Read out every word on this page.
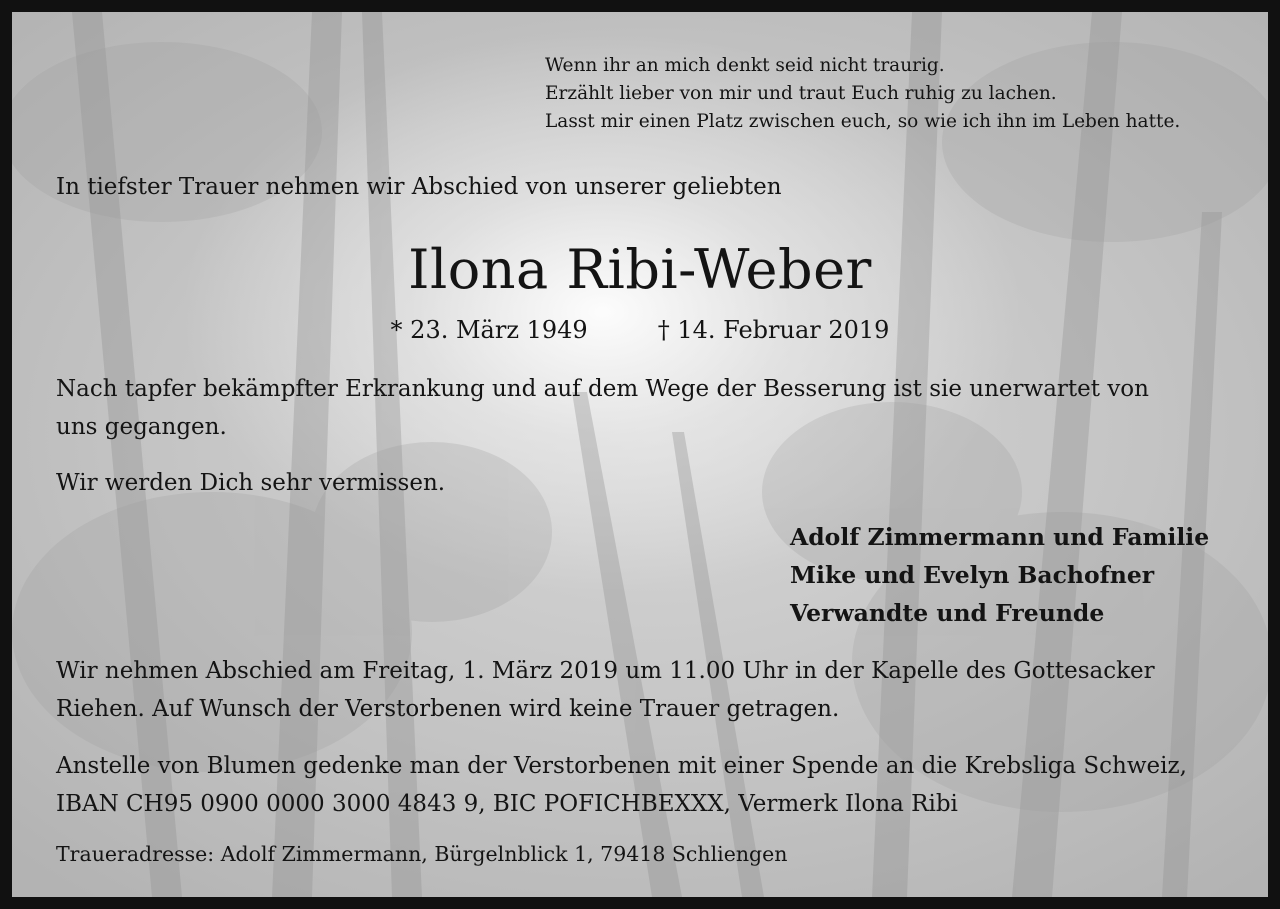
Wenn ihr an mich denkt seid nicht traurig.
Erzählt lieber von mir und traut Euch ruhig zu lachen.
Lasst mir einen Platz zwischen euch, so wie ich ihn im Leben hatte.
In tiefster Trauer nehmen wir Abschied von unserer geliebten
Ilona Ribi-Weber
* 23. März 1949	† 14. Februar 2019
Nach tapfer bekämpfter Erkrankung und auf dem Wege der Besserung ist sie unerwartet von
uns gegangen.
Wir werden Dich sehr vermissen.
Adolf Zimmermann und Familie
Mike und Evelyn Bachofner
Verwandte und Freunde
Wir nehmen Abschied am Freitag, 1. März 2019 um 11.00 Uhr in der Kapelle des Gottesacker
Riehen. Auf Wunsch der Verstorbenen wird keine Trauer getragen.
Anstelle von Blumen gedenke man der Verstorbenen mit einer Spende an die Krebsliga Schweiz,
IBAN CH95 0900 0000 3000 4843 9, BIC POFICHBEXXX, Vermerk Ilona Ribi
Traueradresse: Adolf Zimmermann, Bürgelnblick 1, 79418 Schliengen
